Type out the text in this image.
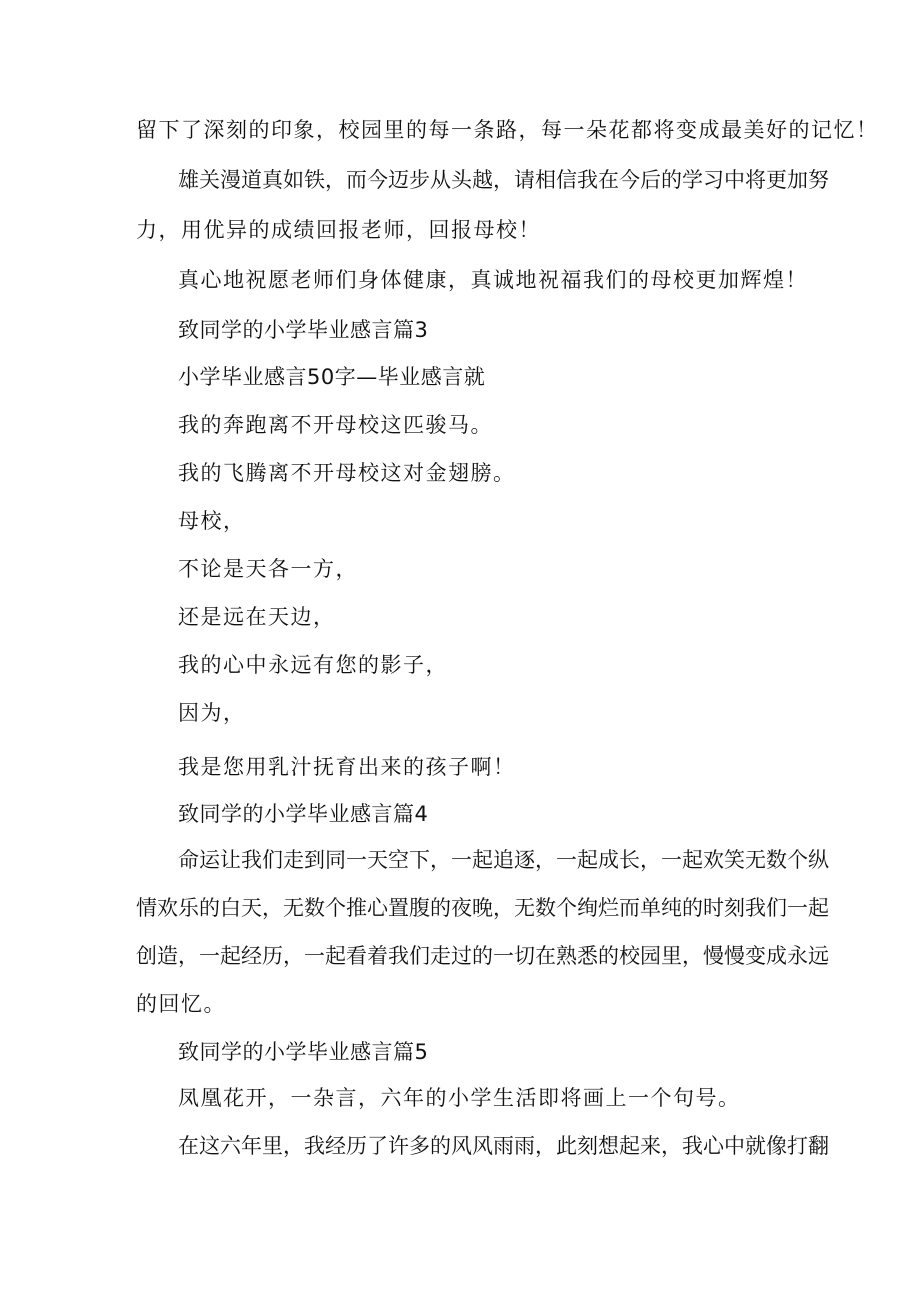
留下了深刻的印象，校园里的每一条路，每一朵花都将变成最美好的记忆！

雄关漫道真如铁，而今迈步从头越，请相信我在今后的学习中将更加努

力，用优异的成绩回报老师，回报母校！

真心地祝愿老师们身体健康，真诚地祝福我们的母校更加辉煌！

致同学的小学毕业感言篇3

小学毕业感言50字—毕业感言就

我的奔跑离不开母校这匹骏马。

我的飞腾离不开母校这对金翅膀。

母校，

不论是天各一方，

还是远在天边，

我的心中永远有您的影子，

因为，

我是您用乳汁抚育出来的孩子啊！

致同学的小学毕业感言篇4

命运让我们走到同一天空下，一起追逐，一起成长，一起欢笑无数个纵

情欢乐的白天，无数个推心置腹的夜晚，无数个绚烂而单纯的时刻我们一起

创造，一起经历，一起看着我们走过的一切在熟悉的校园里，慢慢变成永远

的回忆。

致同学的小学毕业感言篇5

凤凰花开，一杂言，六年的小学生活即将画上一个句号。

在这六年里，我经历了许多的风风雨雨，此刻想起来，我心中就像打翻
